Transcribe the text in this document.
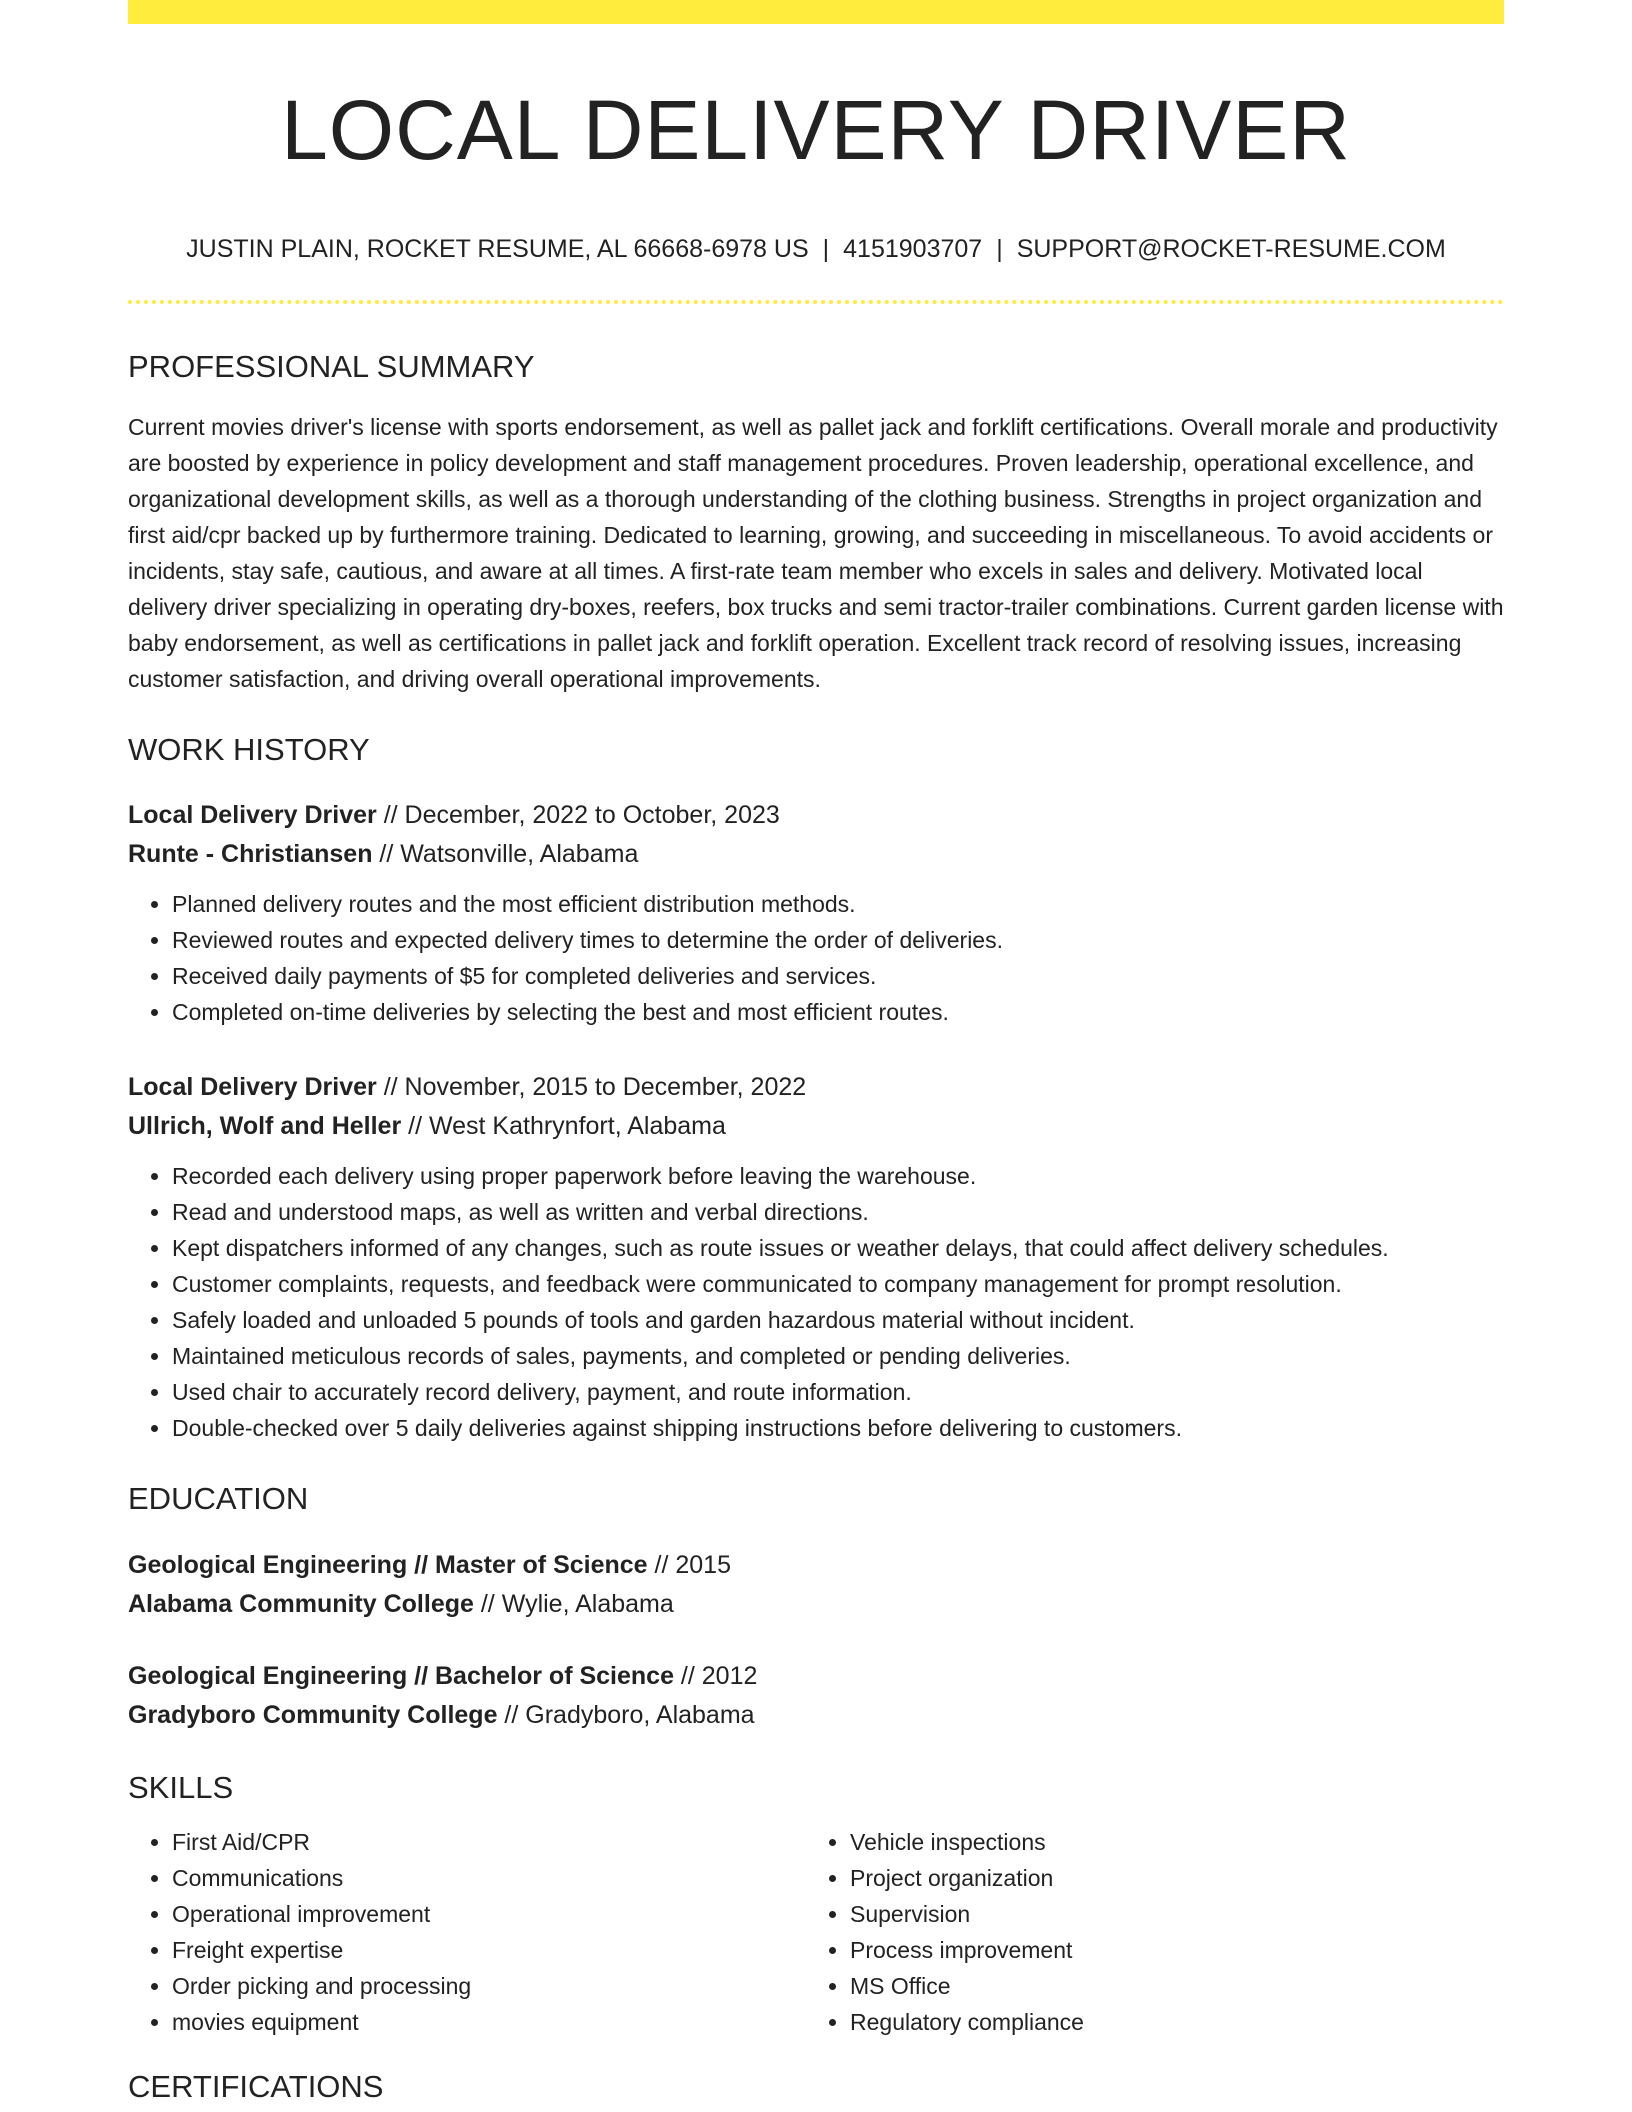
LOCAL DELIVERY DRIVER
JUSTIN PLAIN, ROCKET RESUME, AL 66668-6978 US | 4151903707 | SUPPORT@ROCKET-RESUME.COM
PROFESSIONAL SUMMARY

Current movies driver's license with sports endorsement, as well as pallet jack and forklift certifications. Overall morale and productivity are boosted by experience in policy development and staff management procedures. Proven leadership, operational excellence, and organizational development skills, as well as a thorough understanding of the clothing business. Strengths in project organization and first aid/cpr backed up by furthermore training. Dedicated to learning, growing, and succeeding in miscellaneous. To avoid accidents or incidents, stay safe, cautious, and aware at all times. A first-rate team member who excels in sales and delivery. Motivated local delivery driver specializing in operating dry-boxes, reefers, box trucks and semi tractor-trailer combinations. Current garden license with baby endorsement, as well as certifications in pallet jack and forklift operation. Excellent track record of resolving issues, increasing customer satisfaction, and driving overall operational improvements.

WORK HISTORY
Local Delivery Driver // December, 2022 to October, 2023
Runte - Christiansen // Watsonville, Alabama
• Planned delivery routes and the most efficient distribution methods.
• Reviewed routes and expected delivery times to determine the order of deliveries.
• Received daily payments of $5 for completed deliveries and services.
• Completed on-time deliveries by selecting the best and most efficient routes.
Local Delivery Driver // November, 2015 to December, 2022
Ullrich, Wolf and Heller // West Kathrynfort, Alabama
• Recorded each delivery using proper paperwork before leaving the warehouse.
• Read and understood maps, as well as written and verbal directions.
• Kept dispatchers informed of any changes, such as route issues or weather delays, that could affect delivery schedules.
• Customer complaints, requests, and feedback were communicated to company management for prompt resolution.
• Safely loaded and unloaded 5 pounds of tools and garden hazardous material without incident.
• Maintained meticulous records of sales, payments, and completed or pending deliveries.
• Used chair to accurately record delivery, payment, and route information.
• Double-checked over 5 daily deliveries against shipping instructions before delivering to customers.
EDUCATION
Geological Engineering // Master of Science // 2015
Alabama Community College // Wylie, Alabama
Geological Engineering // Bachelor of Science // 2012
Gradyboro Community College // Gradyboro, Alabama
SKILLS
• First Aid/CPR
• Communications
• Operational improvement
• Freight expertise
• Order picking and processing
• movies equipment
• Vehicle inspections
• Project organization
• Supervision
• Process improvement
• MS Office
• Regulatory compliance
CERTIFICATIONS
